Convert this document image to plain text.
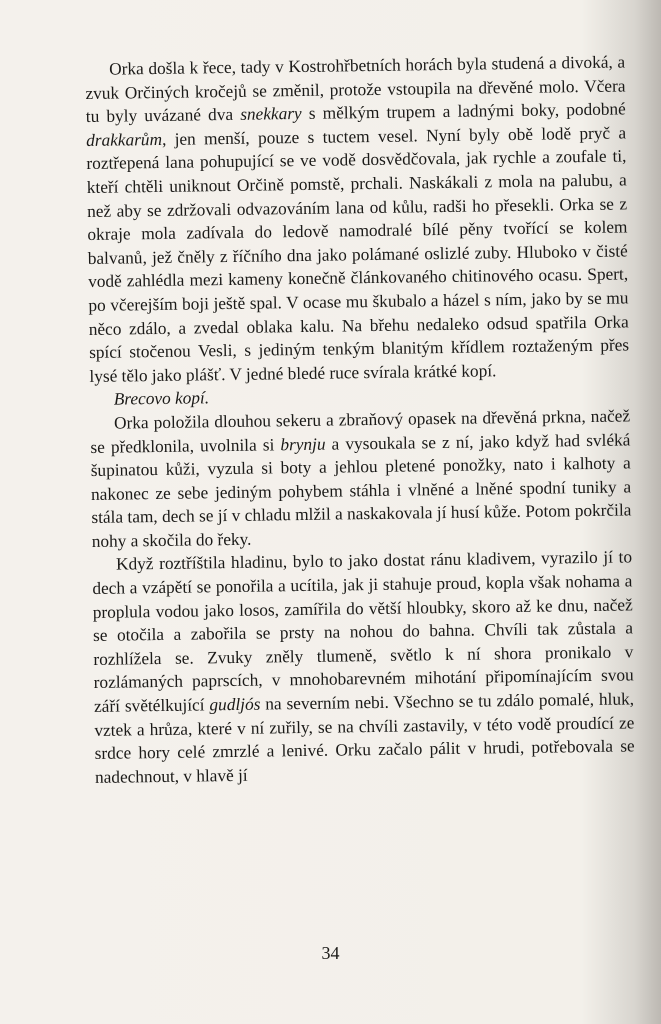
Orka došla k řece, tady v Kostrohřbetních horách byla studená a divoká, a zvuk Orčiných kročejů se změnil, protože vstoupila na dřevěné molo. Včera tu byly uvázané dva snekkary s mělkým trupem a ladnými boky, podobné drakkarům, jen menší, pouze s tuctem vesel. Nyní byly obě lodě pryč a roztřepená lana pohupující se ve vodě dosvědčovala, jak rychle a zoufale ti, kteří chtěli uniknout Orčině pomstě, prchali. Naskákali z mola na palubu, a než aby se zdržovali odvazováním lana od kůlu, radši ho přesekli. Orka se z okraje mola zadívala do ledově namodralé bílé pěny tvořící se kolem balvanů, jež čněly z říčního dna jako polámané oslizlé zuby. Hluboko v čisté vodě zahlédla mezi kameny konečně článkovaného chitinového ocasu. Spert, po včerejším boji ještě spal. V ocase mu škubalo a házel s ním, jako by se mu něco zdálo, a zvedal oblaka kalu. Na břehu nedaleko odsud spatřila Orka spící stočenou Vesli, s jediným tenkým blanitým křídlem roztaženým přes lysé tělo jako plášť. V jedné bledé ruce svírala krátké kopí.

Brecovo kopí.

Orka položila dlouhou sekeru a zbraňový opasek na dřevěná prkna, načež se předklonila, uvolnila si brynju a vysoukala se z ní, jako když had svléká šupinatou kůži, vyzula si boty a jehlou pletené ponožky, nato i kalhoty a nakonec ze sebe jediným pohybem stáhla i vlněné a lněné spodní tuniky a stála tam, dech se jí v chladu mlžil a naskakovala jí husí kůže. Potom pokrčila nohy a skočila do řeky.

Když roztříštila hladinu, bylo to jako dostat ránu kladivem, vyrazilo jí to dech a vzápětí se ponořila a ucítila, jak ji stahuje proud, kopla však nohama a proplula vodou jako losos, zamířila do větší hloubky, skoro až ke dnu, načež se otočila a zabořila se prsty na nohou do bahna. Chvíli tak zůstala a rozhlížela se. Zvuky zněly tlumeně, světlo k ní shora pronikalo v rozlámaných paprscích, v mnohobarevném mihotání připomínajícím svou září světélkující gudljós na severním nebi. Všechno se tu zdálo pomalé, hluk, vztek a hrůza, které v ní zuřily, se na chvíli zastavily, v této vodě proudící ze srdce hory celé zmrzlé a lenivé. Orku začalo pálit v hrudi, potřebovala se nadechnout, v hlavě jí

34
